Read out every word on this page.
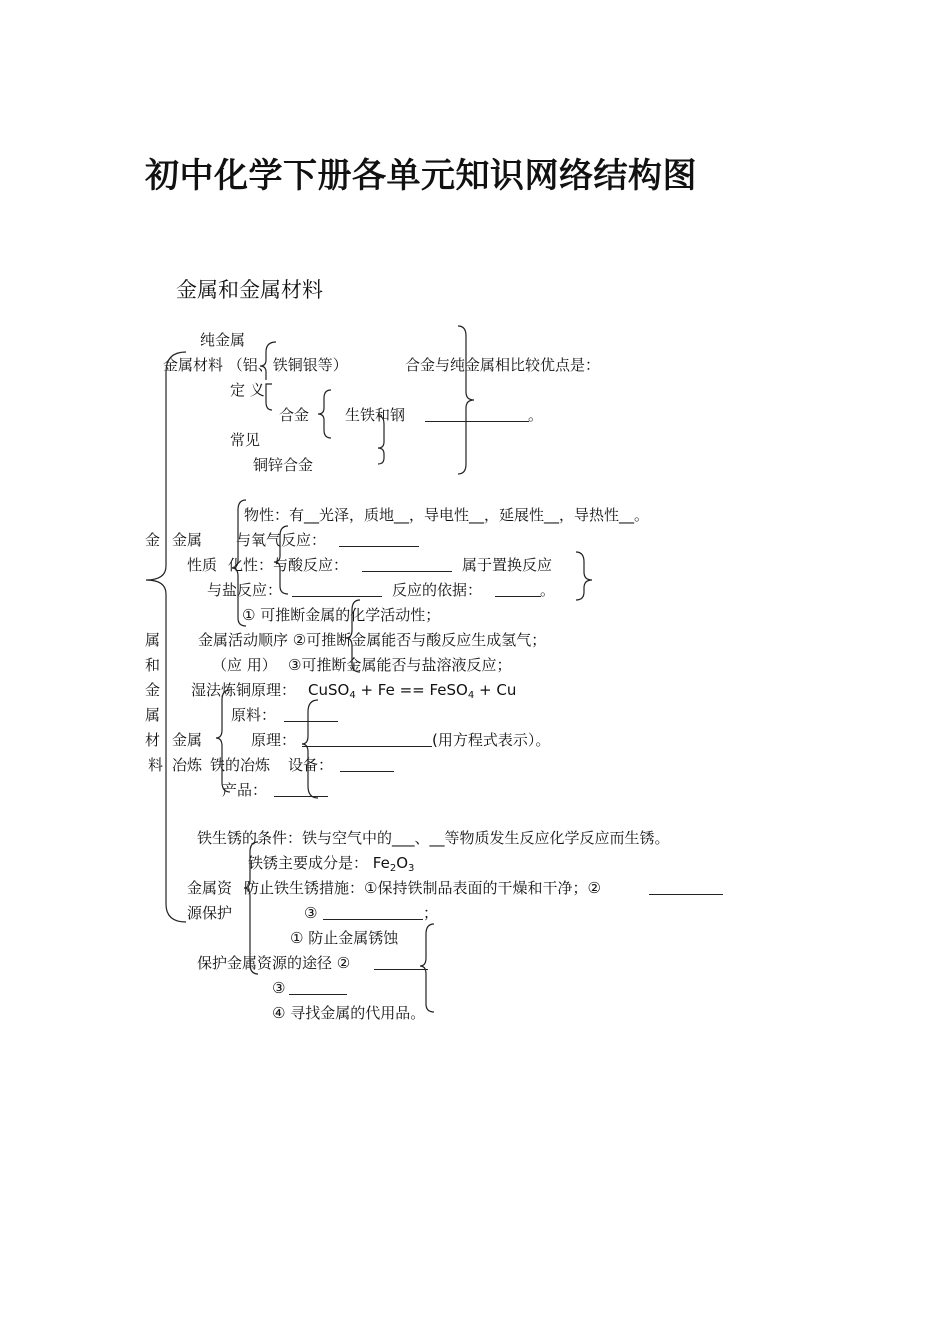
初中化学下册各单元知识网络结构图
金属和金属材料
纯金属
金属材料 （铝、铁铜银等）	合金与纯金属相比较优点是：
定 义
合金 生铁和钢	。
常见
铜锌合金
物性：有__光泽，质地__，导电性__，延展性__，导热性__。
金 金属 与氧气反应：
性质 化性：与酸反应：	属于置换反应
与盐反应：	反应的依据：	。
① 可推断金属的化学活动性；
属	金属活动顺序 ②可推断金属能否与酸反应生成氢气；
和	（应 用） ③可推断金属能否与盐溶液反应；
金 湿法炼铜原理： CuSO$_4$ + Fe == FeSO$_4$ + Cu
属	原料：
材 金属	原理：	(用方程式表示）。
料 冶炼 铁的冶炼 设备：
产品：
铁生锈的条件：铁与空气中的___、__等物质发生反应化学反应而生锈。
铁锈主要成分是： $Fe_2O_3$
金属资 防止铁生锈措施：①保持铁制品表面的干燥和干净；②
源保护	③	；
① 防止金属锈蚀
保护金属资源的途径 ②
③
④ 寻找金属的代用品。
